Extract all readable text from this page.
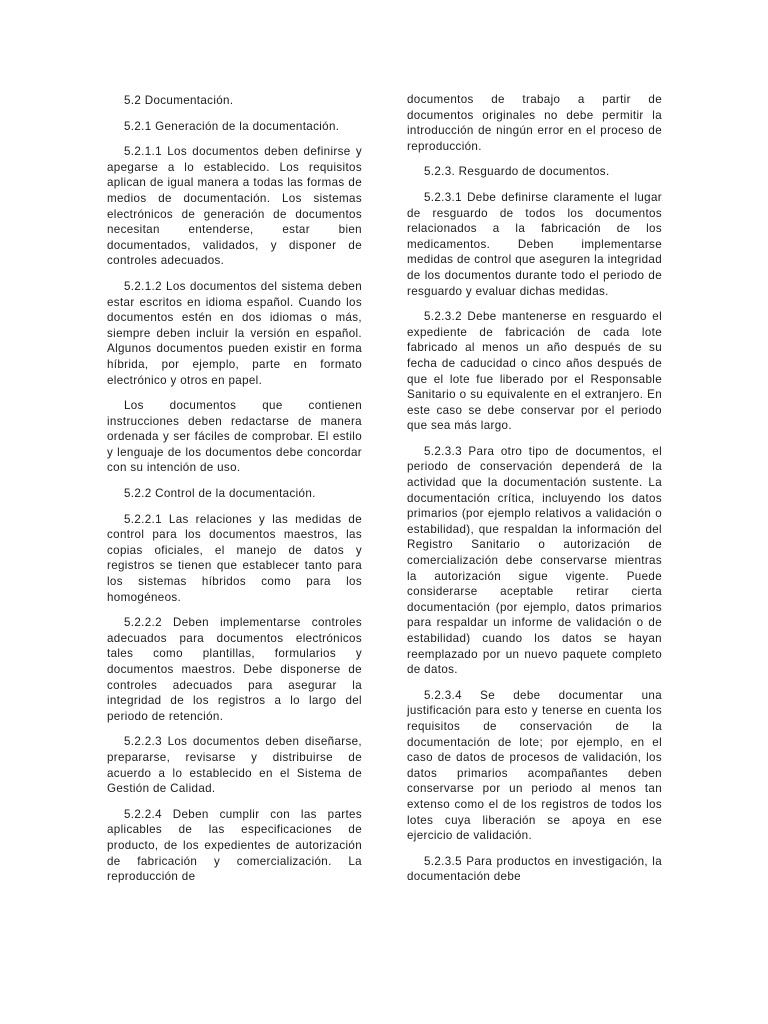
5.2 Documentación.

5.2.1 Generación de la documentación.

5.2.1.1 Los documentos deben definirse y apegarse a lo establecido. Los requisitos aplican de igual manera a todas las formas de medios de documentación. Los sistemas electrónicos de generación de documentos necesitan entenderse, estar bien documentados, validados, y disponer de controles adecuados.

5.2.1.2 Los documentos del sistema deben estar escritos en idioma español. Cuando los documentos estén en dos idiomas o más, siempre deben incluir la versión en español. Algunos documentos pueden existir en forma híbrida, por ejemplo, parte en formato electrónico y otros en papel.

Los documentos que contienen instrucciones deben redactarse de manera ordenada y ser fáciles de comprobar. El estilo y lenguaje de los documentos debe concordar con su intención de uso.

5.2.2 Control de la documentación.

5.2.2.1 Las relaciones y las medidas de control para los documentos maestros, las copias oficiales, el manejo de datos y registros se tienen que establecer tanto para los sistemas híbridos como para los homogéneos.

5.2.2.2 Deben implementarse controles adecuados para documentos electrónicos tales como plantillas, formularios y documentos maestros. Debe disponerse de controles adecuados para asegurar la integridad de los registros a lo largo del periodo de retención.

5.2.2.3 Los documentos deben diseñarse, prepararse, revisarse y distribuirse de acuerdo a lo establecido en el Sistema de Gestión de Calidad.

5.2.2.4 Deben cumplir con las partes aplicables de las especificaciones de producto, de los expedientes de autorización de fabricación y comercialización. La reproducción de

documentos de trabajo a partir de documentos originales no debe permitir la introducción de ningún error en el proceso de reproducción.

5.2.3. Resguardo de documentos.

5.2.3.1 Debe definirse claramente el lugar de resguardo de todos los documentos relacionados a la fabricación de los medicamentos. Deben implementarse medidas de control que aseguren la integridad de los documentos durante todo el periodo de resguardo y evaluar dichas medidas.

5.2.3.2 Debe mantenerse en resguardo el expediente de fabricación de cada lote fabricado al menos un año después de su fecha de caducidad o cinco años después de que el lote fue liberado por el Responsable Sanitario o su equivalente en el extranjero. En este caso se debe conservar por el periodo que sea más largo.

5.2.3.3 Para otro tipo de documentos, el periodo de conservación dependerá de la actividad que la documentación sustente. La documentación crítica, incluyendo los datos primarios (por ejemplo relativos a validación o estabilidad), que respaldan la información del Registro Sanitario o autorización de comercialización debe conservarse mientras la autorización sigue vigente. Puede considerarse aceptable retirar cierta documentación (por ejemplo, datos primarios para respaldar un informe de validación o de estabilidad) cuando los datos se hayan reemplazado por un nuevo paquete completo de datos.

5.2.3.4 Se debe documentar una justificación para esto y tenerse en cuenta los requisitos de conservación de la documentación de lote; por ejemplo, en el caso de datos de procesos de validación, los datos primarios acompañantes deben conservarse por un periodo al menos tan extenso como el de los registros de todos los lotes cuya liberación se apoya en ese ejercicio de validación.

5.2.3.5 Para productos en investigación, la documentación debe
